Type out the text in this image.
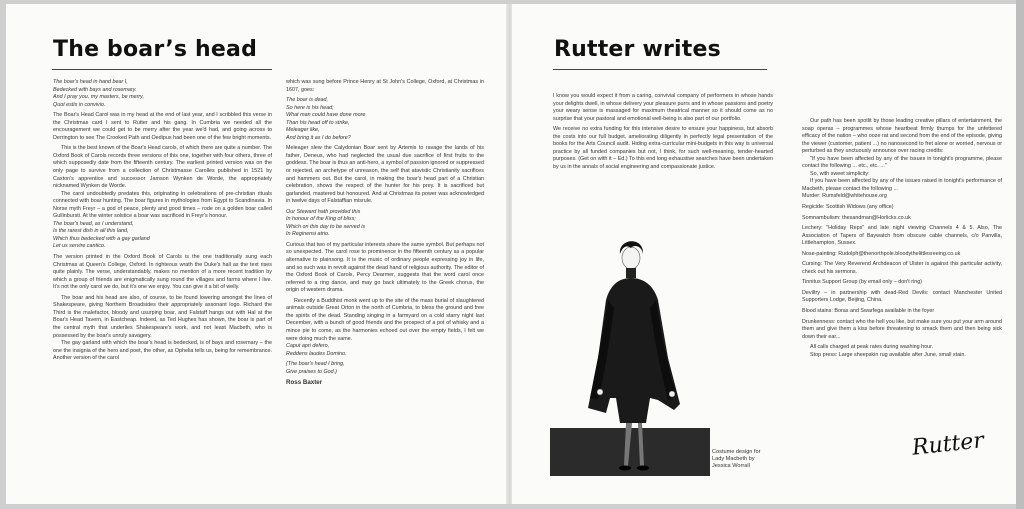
The boar’s head

The boar's head in hand bear I,
Bedecked with bays and rosemary.
And I pray you, my masters, be merry,
Quot estis in convivio.

The Boar's Head Carol was in my head at the end of last year, and I scribbled this verse in the Christmas card I sent to Rutter and his gang. In Cumbria we needed all the encouragement we could get to be merry after the year we'd had, and going across to Derrington to see The Crooked Path and Oedipus had been one of the few bright moments.

This is the best known of the Boar's Head carols, of which there are quite a number. The Oxford Book of Carols records three versions of this one, together with four others, three of which supposedly date from the fifteenth century. The earliest printed version was on the only page to survive from a collection of Christmasse Carolles published in 1521 by Caxton's apprentice and successor Jamson Wynken de Worde, the appropriately nicknamed Wynken de Worde.

The carol undoubtedly predates this, originating in celebrations of pre-christian rituals connected with boar hunting. The boar figures in mythologies from Egypt to Scandinavia. In Norse myth Freyr – a god of peace, plenty and good times – rode on a golden boar called Gullinbursti. At the winter solstice a boar was sacrificed in Freyr's honour.

The boar's head, as I understand,
Is the rarest dish in all this land,
Which thus bedecked with a gay garland
Let us servire cantico.

The version printed in the Oxford Book of Carols is the one traditionally sung each Christmas at Queen's College, Oxford. In righteous wrath the Duke's hall as the text rises quite plainly. The verse, understandably, makes no mention of a more recent tradition by which a group of friends are enigmatically sung round the villages and farms where I live. It's not the only carol we do, but it's one we enjoy. You can give it a bit of welly.

The boar and his head are also, of course, to be found lowering amongst the lines of Shakespeare, giving Northern Broadsides their appropriately assonant logo. Richard the Third is the malefactor, bloody and usurping boar, and Falstaff hangs out with Hal at the Boar's Head Tavern, in Eastcheap. Indeed, as Ted Hughes has shown, the boar is part of the central myth that underlies Shakespeare's work, and not least Macbeth, who is possessed by the boar's unruly savagery.

The gay garland with which the boar's head is bedecked, is of bays and rosemary – the one the insignia of the hero and poet, the other, as Ophelia tells us, being for remembrance. Another version of the carol

which was sung before Prince Henry at St John's College, Oxford, at Christmas in 1607, goes:

The boar is dead,
So here is his head;
What man could have done more
Than his head off to strike,
Meleager like,
And bring it as I do before?

Meleager slew the Calydonian Boar sent by Artemis to ravage the lands of his father, Oeneus, who had neglected the usual due sacrifice of first fruits to the goddess. The boar is thus an anti-hero, a symbol of passion ignored or suppressed or rejected, an archetype of unreason, the self that atavistic Christianity sacrifices and hammers out. But the carol, in making the boar's head part of a Christian celebration, shows the respect of the hunter for his prey. It is sacrificed but garlanded, mastered but honoured. And at Christmas its power was acknowledged in twelve days of Falstaffian misrule.

Our Steward hath provided this
In honour of the King of bliss;
Which on this day to be served is
In Reginensi atrio.

Curious that two of my particular interests share the same symbol. But perhaps not so unexpected. The carol rose to prominence in the fifteenth century as a popular alternative to plainsong. It is the music of ordinary people expressing joy in life, and so such was in revolt against the dead hand of religious authority. The editor of the Oxford Book of Carols, Percy Dearmer, suggests that the word carol once referred to a ring dance, and may go back ultimately to the Greek chorus, the origin of western drama.

Recently a Buddhist monk went up to the site of the mass burial of slaughtered animals outside Great Orton in the north of Cumbria, to bless the ground and free the spirits of the dead. Standing singing in a farmyard on a cold starry night last December, with a bunch of good friends and the prospect of a pot of whisky and a mince pie to come, as the harmonies echoed out over the empty fields, I felt we were doing much the same.

Caput apri defero,
Reddens laudes Domino.

(The boar's head I bring,
Give praises to God.)

Ross Baxter
Rutter writes

I know you would expect it from a caring, convivial company of performers in whose hands your delights dwell, in whose delivery your pleasure purrs and in whose passions and poetry your weary sense is massaged for maximum theatrical manner so it should come as no surprise that your pastoral and emotional well-being is also part of our portfolio.

We receive no extra funding for this intensive desire to ensure your happiness, but absorb the costs into our full budget, ameliorating diligently in perfectly legal presentation of the books for the Arts Council audit. Hiding extra-curricular mini-budgets in this way is universal practice by all funded companies but not, I think, for such well-meaning, tender-hearted purposes. (Get on with it – Ed.) To this end long exhaustive searches have been undertaken by us in the annals of social engineering and compassionate justice.

Our path has been spotlit by those leading creative pillars of entertainment, the soap operas – programmes whose heartbeat firmly thumps for the unfettered efficacy of the nation – who ooze rat and second from the end of the episode, giving the viewer (customer, patient ...) no nanosecond to fret alone or worried, nervous or perturbed as they unctuously announce over racing credits:

"If you have been affected by any of the issues in tonight's programme, please contact the following ... etc., etc. ..."

So, with sweet simplicity:

If you have been affected by any of the issues raised in tonight's performance of Macbeth, please contact the following ...

Murder: Rumsfeld@whitehouse.org

Regicide: Scottish Widows (any office)

Somnambulism: thesandman@Horlicks.co.uk

Lechery: "Holiday Reps" and late night viewing Channels 4 & 5. Also, The Association of Tapers of Baywatch from obscure cable channels, c/o Panvilla, Littlehampton, Sussex.

Nose-painting: Rudolph@thenorthpole.bloodythelittlesreeing.co.uk

Cursing: The Very Reverend Archdeacon of Ulster is against this particular activity, check out his sermons.

Tinnitus Support Group (by email only – don't ring)

Deviltry – in partnership with dead-Red Devils: contact Manchester United Supporters Lodge, Beijing, China.

Blood stains: Boras and Swarfega available in the foyer

Drunkenness: contact who the hell you like, but make sure you put your arm around them and give them a kiss before threatening to smack them and then being sick down their ear...

All calls charged at peak rates during washing hour.

Stop press: Large sheepskin rug available after June, small stain.

Costume design for Lady Macbeth by Jessica Worrall
Rutter
